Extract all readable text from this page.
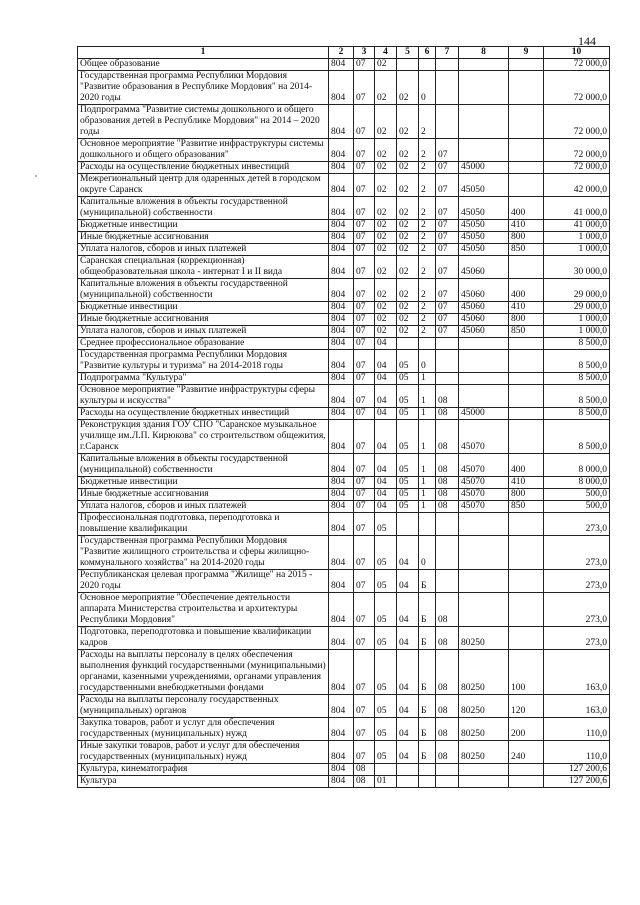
144
1	2	3	4	5	6	7	8	9	10
Общее образование	804	07	02						72 000,0
Государственная программа Республики Мордовия "Развитие образования в Республике Мордовия" на 2014-2020 годы	804	07	02	02	0				72 000,0
Подпрограмма "Развитие системы дошкольного и общего образования детей в Республике Мордовия" на 2014 – 2020 годы	804	07	02	02	2				72 000,0
Основное мероприятие "Развитие инфраструктуры системы дошкольного и общего образования"	804	07	02	02	2	07			72 000,0
Расходы на осуществление бюджетных инвестиций	804	07	02	02	2	07	45000		72 000,0
Межрегиональный центр для одаренных детей в городском округе Саранск	804	07	02	02	2	07	45050		42 000,0
Капитальные вложения в объекты государственной (муниципальной) собственности	804	07	02	02	2	07	45050	400	41 000,0
Бюджетные инвестиции	804	07	02	02	2	07	45050	410	41 000,0
Иные бюджетные ассигнования	804	07	02	02	2	07	45050	800	1 000,0
Уплата налогов, сборов и иных платежей	804	07	02	02	2	07	45050	850	1 000,0
Саранская специальная (коррекционная) общеобразовательная школа - интернат I и II вида	804	07	02	02	2	07	45060		30 000,0
Капитальные вложения в объекты государственной (муниципальной) собственности	804	07	02	02	2	07	45060	400	29 000,0
Бюджетные инвестиции	804	07	02	02	2	07	45060	410	29 000,0
Иные бюджетные ассигнования	804	07	02	02	2	07	45060	800	1 000,0
Уплата налогов, сборов и иных платежей	804	07	02	02	2	07	45060	850	1 000,0
Среднее профессиональное образование	804	07	04						8 500,0
Государственная программа Республики Мордовия "Развитие культуры и туризма" на 2014-2018 годы	804	07	04	05	0				8 500,0
Подпрограмма "Культура"	804	07	04	05	1				8 500,0
Основное мероприятие "Развитие инфраструктуры сферы культуры и искусства"	804	07	04	05	1	08			8 500,0
Расходы на осуществление бюджетных инвестиций	804	07	04	05	1	08	45000		8 500,0
Реконструкция здания ГОУ СПО "Саранское музыкальное училище им.Л.П. Кирюкова" со строительством общежития, г.Саранск	804	07	04	05	1	08	45070		8 500,0
Капитальные вложения в объекты государственной (муниципальной) собственности	804	07	04	05	1	08	45070	400	8 000,0
Бюджетные инвестиции	804	07	04	05	1	08	45070	410	8 000,0
Иные бюджетные ассигнования	804	07	04	05	1	08	45070	800	500,0
Уплата налогов, сборов и иных платежей	804	07	04	05	1	08	45070	850	500,0
Профессиональная подготовка, переподготовка и повышение квалификации	804	07	05						273,0
Государственная программа Республики Мордовия "Развитие жилищного строительства и сферы жилищно-коммунального хозяйства" на 2014-2020 годы	804	07	05	04	0				273,0
Республиканская целевая программа "Жилище" на 2015 - 2020 годы	804	07	05	04	Б				273,0
Основное мероприятие "Обеспечение деятельности аппарата Министерства строительства и архитектуры Республики Мордовия"	804	07	05	04	Б	08			273,0
Подготовка, переподготовка и повышение квалификации кадров	804	07	05	04	Б	08	80250		273,0
Расходы на выплаты персоналу в целях обеспечения выполнения функций государственными (муниципальными) органами, казенными учреждениями, органами управления государственными внебюджетными фондами	804	07	05	04	Б	08	80250	100	163,0
Расходы на выплаты персоналу государственных (муниципальных) органов	804	07	05	04	Б	08	80250	120	163,0
Закупка товаров, работ и услуг для обеспечения государственных (муниципальных) нужд	804	07	05	04	Б	08	80250	200	110,0
Иные закупки товаров, работ и услуг для обеспечения государственных (муниципальных) нужд	804	07	05	04	Б	08	80250	240	110,0
Культура, кинематография	804	08							127 200,6
Культура	804	08	01						127 200,6
